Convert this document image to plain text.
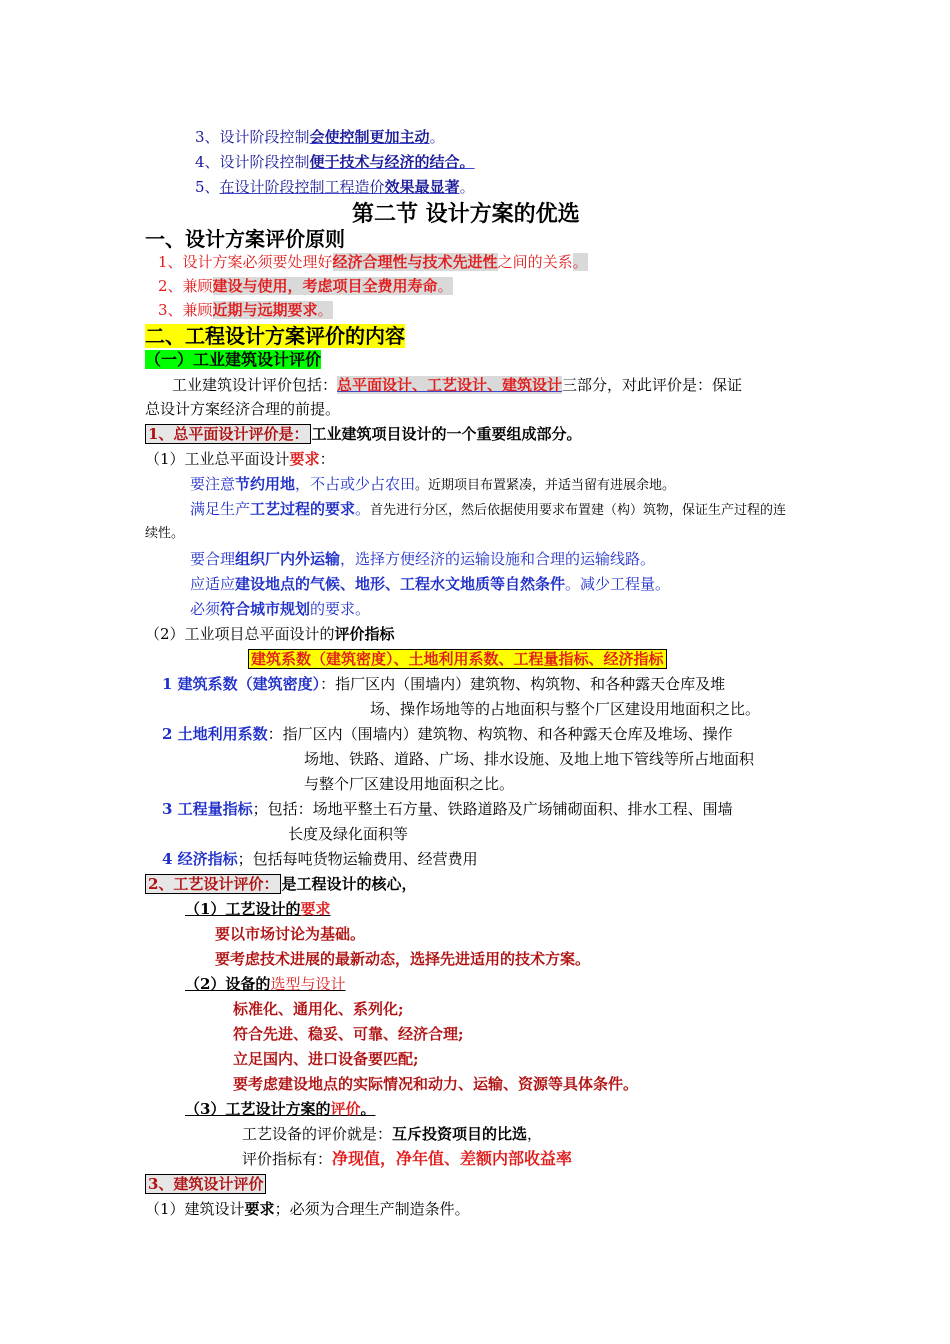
3、设计阶段控制会使控制更加主动。
4、设计阶段控制便于技术与经济的结合。
5、在设计阶段控制工程造价效果最显著。
第二节 设计方案的优选
一、设计方案评价原则
1、设计方案必须要处理好经济合理性与技术先进性之间的关系。
2、兼顾建设与使用，考虑项目全费用寿命。
3、兼顾近期与远期要求。
二、工程设计方案评价的内容
（一）工业建筑设计评价
工业建筑设计评价包括：总平面设计、工艺设计、建筑设计三部分，对此评价是：保证
总设计方案经济合理的前提。
1、总平面设计评价是： 工业建筑项目设计的一个重要组成部分。
（1）工业总平面设计要求：
要注意节约用地，不占或少占农田。近期项目布置紧凑，并适当留有进展余地。
满足生产工艺过程的要求。首先进行分区，然后依据使用要求布置建（构）筑物，保证生产过程的连
续性。
要合理组织厂内外运输，选择方便经济的运输设施和合理的运输线路。
应适应建设地点的气候、地形、工程水文地质等自然条件。减少工程量。
必须符合城市规划的要求。
（2）工业项目总平面设计的评价指标
建筑系数（建筑密度）、土地利用系数、工程量指标、经济指标
1 建筑系数（建筑密度）：指厂区内（围墙内）建筑物、构筑物、和各种露天仓库及堆
场、操作场地等的占地面积与整个厂区建设用地面积之比。
2 土地利用系数：指厂区内（围墙内）建筑物、构筑物、和各种露天仓库及堆场、操作
场地、铁路、道路、广场、排水设施、及地上地下管线等所占地面积
与整个厂区建设用地面积之比。
3 工程量指标；包括：场地平整土石方量、铁路道路及广场铺砌面积、排水工程、围墙
长度及绿化面积等
4 经济指标；包括每吨货物运输费用、经营费用
2、工艺设计评价： 是工程设计的核心，
（1）工艺设计的要求
要以市场讨论为基础。
要考虑技术进展的最新动态，选择先进适用的技术方案。
（2）设备的选型与设计
标准化、通用化、系列化;
符合先进、稳妥、可靠、经济合理;
立足国内、进口设备要匹配;
要考虑建设地点的实际情况和动力、运输、资源等具体条件。
（3）工艺设计方案的评价。
工艺设备的评价就是：互斥投资项目的比选，
评价指标有：净现值，净年值、差额内部收益率
3、建筑设计评价
（1）建筑设计要求；必须为合理生产制造条件。
